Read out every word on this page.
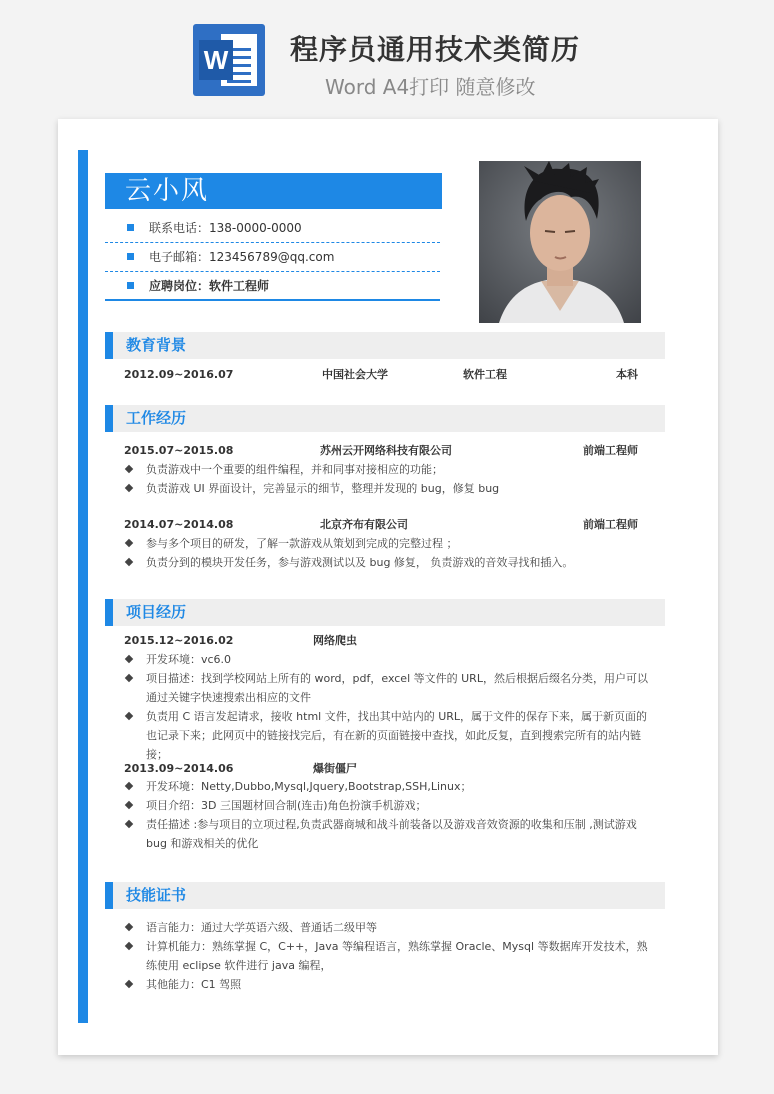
W 程序员通用技术类简历
Word A4打印 随意修改
云小风
联系电话：138-0000-0000
电子邮箱：123456789@qq.com
应聘岗位：软件工程师
教育背景
2012.09~2016.07	中国社会大学	软件工程	本科
工作经历
2015.07~2015.08	苏州云开网络科技有限公司	前端工程师
负责游戏中一个重要的组件编程，并和同事对接相应的功能；
负责游戏 UI 界面设计，完善显示的细节，整理并发现的 bug，修复 bug
2014.07~2014.08	北京齐布有限公司	前端工程师
参与多个项目的研发，了解一款游戏从策划到完成的完整过程 ；
负责分到的模块开发任务，参与游戏测试以及 bug 修复， 负责游戏的音效寻找和插入。
项目经历
2015.12~2016.02	网络爬虫
开发环境：vc6.0
项目描述：找到学校网站上所有的 word，pdf，excel 等文件的 URL，然后根据后缀名分类，用户可以通过关键字快速搜索出相应的文件
负责用 C 语言发起请求，接收 html 文件，找出其中站内的 URL，属于文件的保存下来，属于新页面的也记录下来；此网页中的链接找完后，有在新的页面链接中查找，如此反复，直到搜索完所有的站内链接；
2013.09~2014.06	爆街僵尸
开发环境：Netty,Dubbo,Mysql,Jquery,Bootstrap,SSH,Linux；
项目介绍：3D 三国题材回合制(连击)角色扮演手机游戏；
责任描述 :参与项目的立项过程,负责武器商城和战斗前装备以及游戏音效资源的收集和压制 ,测试游戏 bug 和游戏相关的优化
技能证书
语言能力：通过大学英语六级、普通话二级甲等
计算机能力：熟练掌握 C，C++，Java 等编程语言，熟练掌握 Oracle、Mysql 等数据库开发技术，熟练使用 eclipse 软件进行 java 编程，
其他能力：C1 驾照
